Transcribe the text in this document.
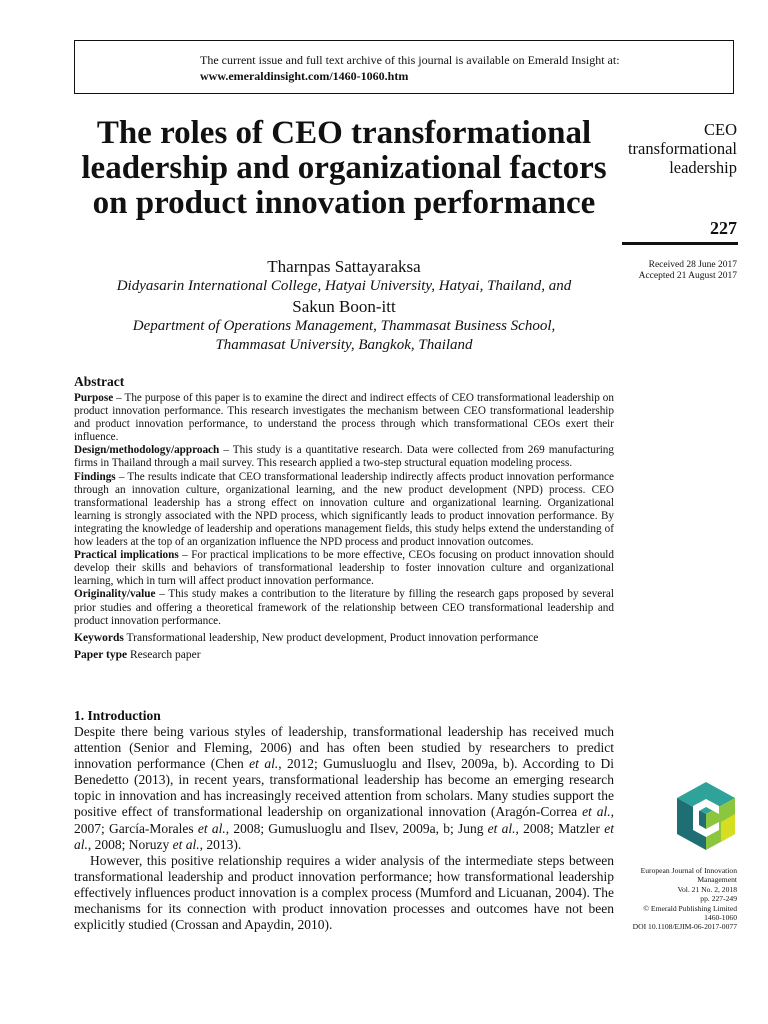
The current issue and full text archive of this journal is available on Emerald Insight at:
www.emeraldinsight.com/1460-1060.htm
The roles of CEO transformational leadership and organizational factors on product innovation performance
CEO
transformational
leadership
227
Received 28 June 2017
Accepted 21 August 2017
Tharnpas Sattayaraksa
Didyasarin International College, Hatyai University, Hatyai, Thailand, and
Sakun Boon-itt
Department of Operations Management, Thammasat Business School,
Thammasat University, Bangkok, Thailand
Abstract

Purpose – The purpose of this paper is to examine the direct and indirect effects of CEO transformational leadership on product innovation performance. This research investigates the mechanism between CEO transformational leadership and product innovation performance, to understand the process through which transformational CEOs exert their influence.

Design/methodology/approach – This study is a quantitative research. Data were collected from 269 manufacturing firms in Thailand through a mail survey. This research applied a two-step structural equation modeling process.

Findings – The results indicate that CEO transformational leadership indirectly affects product innovation performance through an innovation culture, organizational learning, and the new product development (NPD) process. CEO transformational leadership has a strong effect on innovation culture and organizational learning. Organizational learning is strongly associated with the NPD process, which significantly leads to product innovation performance. By integrating the knowledge of leadership and operations management fields, this study helps extend the understanding of how leaders at the top of an organization influence the NPD process and product innovation outcomes.

Practical implications – For practical implications to be more effective, CEOs focusing on product innovation should develop their skills and behaviors of transformational leadership to foster innovation culture and organizational learning, which in turn will affect product innovation performance.

Originality/value – This study makes a contribution to the literature by filling the research gaps proposed by several prior studies and offering a theoretical framework of the relationship between CEO transformational leadership and product innovation performance.

Keywords Transformational leadership, New product development, Product innovation performance

Paper type Research paper

1. Introduction

Despite there being various styles of leadership, transformational leadership has received much attention (Senior and Fleming, 2006) and has often been studied by researchers to predict innovation performance (Chen et al., 2012; Gumusluoglu and Ilsev, 2009a, b). According to Di Benedetto (2013), in recent years, transformational leadership has become an emerging research topic in innovation and has increasingly received attention from scholars. Many studies support the positive effect of transformational leadership on organizational innovation (Aragón-Correa et al., 2007; García-Morales et al., 2008; Gumusluoglu and Ilsev, 2009a, b; Jung et al., 2008; Matzler et al., 2008; Noruzy et al., 2013).

However, this positive relationship requires a wider analysis of the intermediate steps between transformational leadership and product innovation performance; how transformational leadership effectively influences product innovation is a complex process (Mumford and Licuanan, 2004). The mechanisms for its connection with product innovation processes and outcomes have not been explicitly studied (Crossan and Apaydin, 2010).

European Journal of Innovation
Management
Vol. 21 No. 2, 2018
pp. 227-249
© Emerald Publishing Limited
1460-1060
DOI 10.1108/EJIM-06-2017-0077
